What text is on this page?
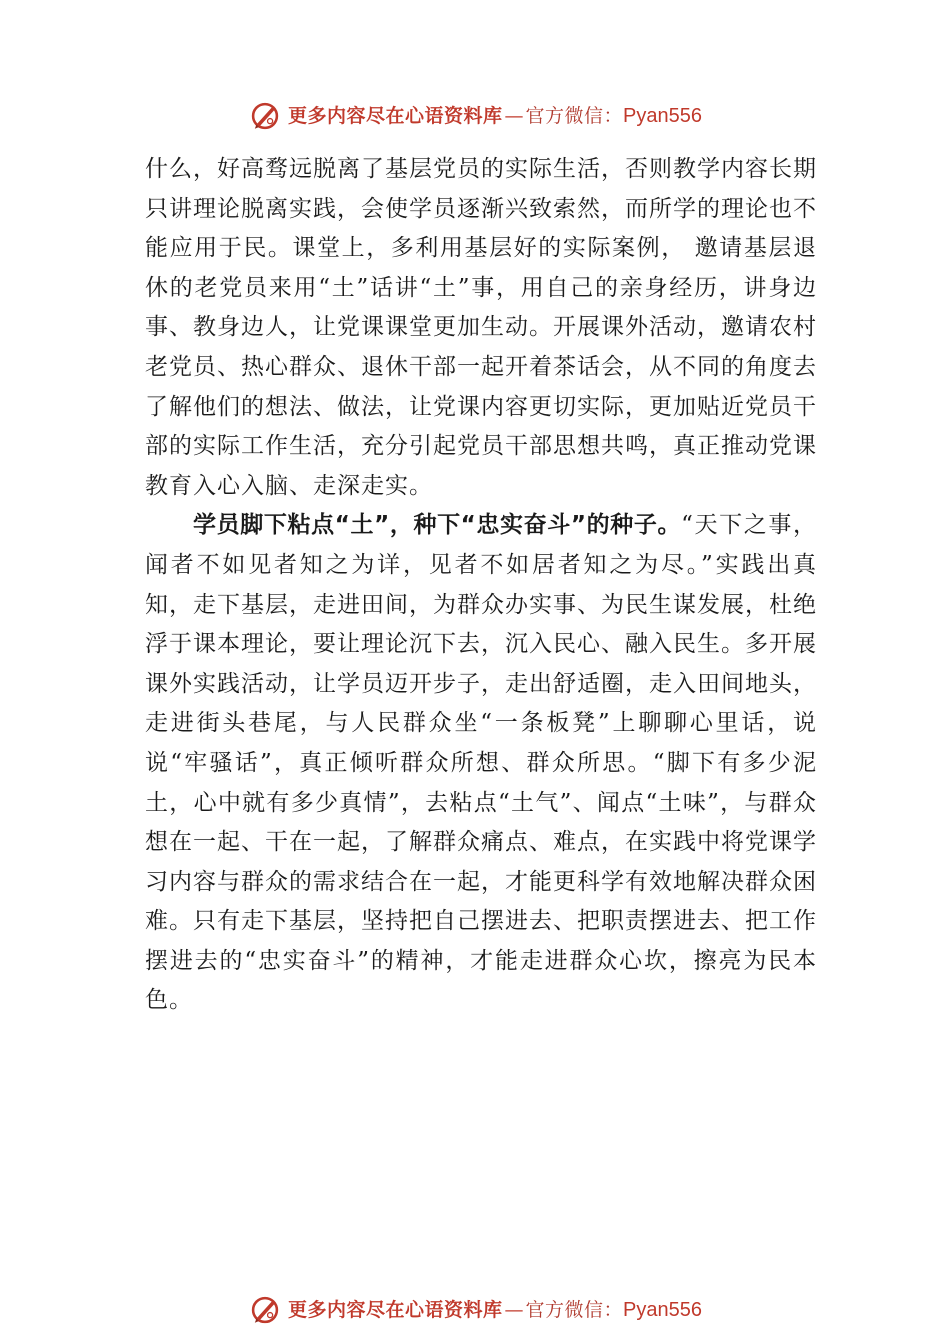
更多内容尽在心语资料库 — 官方微信： Pyan556

什么，好高骛远脱离了基层党员的实际生活，否则教学内容长期只讲理论脱离实践，会使学员逐渐兴致索然，而所学的理论也不能应用于民。课堂上，多利用基层好的实际案例， 邀请基层退休的老党员来用“土”话讲“土”事，用自己的亲身经历，讲身边事、教身边人，让党课课堂更加生动。开展课外活动，邀请农村老党员、热心群众、退休干部一起开着茶话会，从不同的角度去了解他们的想法、做法，让党课内容更切实际，更加贴近党员干部的实际工作生活，充分引起党员干部思想共鸣，真正推动党课教育入心入脑、走深走实。

学员脚下粘点“土”，种下“忠实奋斗”的种子。“天下之事，闻者不如见者知之为详，见者不如居者知之为尽。”实践出真知，走下基层，走进田间，为群众办实事、为民生谋发展，杜绝浮于课本理论，要让理论沉下去，沉入民心、融入民生。多开展课外实践活动，让学员迈开步子，走出舒适圈，走入田间地头，走进街头巷尾，与人民群众坐“一条板凳”上聊聊心里话，说说“牢骚话”，真正倾听群众所想、群众所思。“脚下有多少泥土，心中就有多少真情”，去粘点“土气”、闻点“土味”，与群众想在一起、干在一起，了解群众痛点、难点，在实践中将党课学习内容与群众的需求结合在一起，才能更科学有效地解决群众困难。只有走下基层，坚持把自己摆进去、把职责摆进去、把工作摆进去的“忠实奋斗”的精神，才能走进群众心坎，擦亮为民本色。

更多内容尽在心语资料库 — 官方微信： Pyan556
